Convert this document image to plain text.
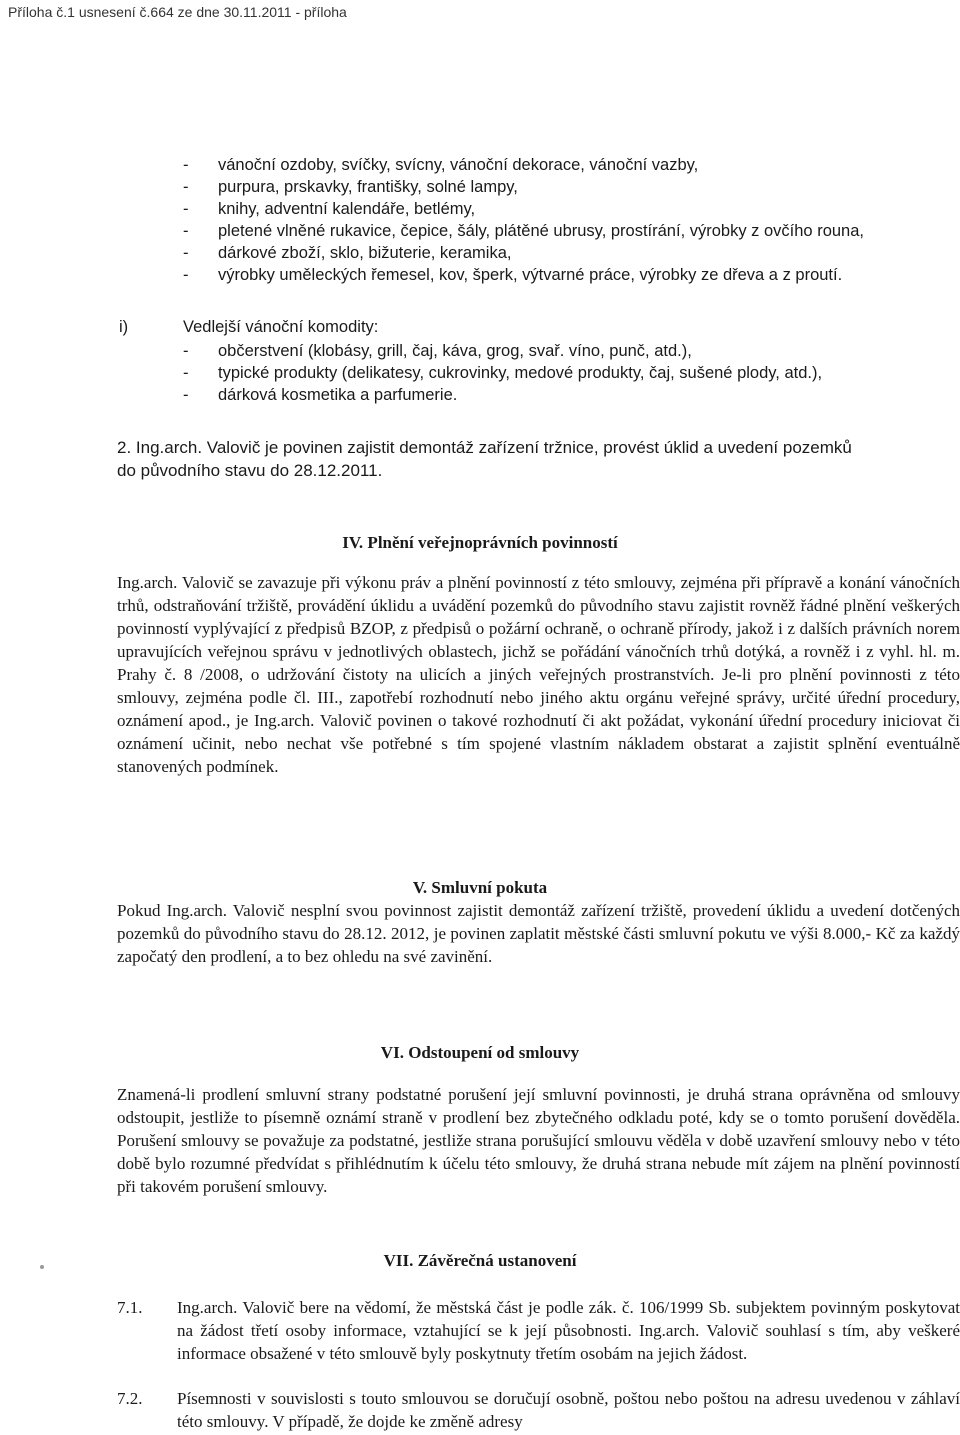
Příloha č.1 usnesení č.664 ze dne 30.11.2011 - příloha
- vánoční ozdoby, svíčky, svícny, vánoční dekorace, vánoční vazby,
- purpura, prskavky, františky, solné lampy,
- knihy, adventní kalendáře, betlémy,
- pletené vlněné rukavice, čepice, šály, plátěné ubrusy, prostírání, výrobky z ovčího rouna,
- dárkové zboží, sklo, bižuterie, keramika,
- výrobky uměleckých řemesel, kov, šperk, výtvarné práce, výrobky ze dřeva a z proutí.
i)	Vedlejší vánoční komodity:
- občerstvení (klobásy, grill, čaj, káva, grog, svař. víno, punč, atd.),
- typické produkty (delikatesy, cukrovinky, medové produkty, čaj, sušené plody, atd.),
- dárková kosmetika a parfumerie.
2. Ing.arch. Valovič je povinen zajistit demontáž zařízení tržnice, provést úklid a uvedení pozemků
do původního stavu do 28.12.2011.
IV. Plnění veřejnoprávních povinností
Ing.arch. Valovič se zavazuje při výkonu práv a plnění povinností z této smlouvy, zejména při přípravě a konání vánočních trhů, odstraňování tržiště, provádění úklidu a uvádění pozemků do původního stavu zajistit rovněž řádné plnění veškerých povinností vyplývající z předpisů BZOP, z předpisů o požární ochraně, o ochraně přírody, jakož i z dalších právních norem upravujících veřejnou správu v jednotlivých oblastech, jichž se pořádání vánočních trhů dotýká, a rovněž i z vyhl. hl. m. Prahy č. 8 /2008, o udržování čistoty na ulicích a jiných veřejných prostranstvích. Je-li pro plnění povinnosti z této smlouvy, zejména podle čl. III., zapotřebí rozhodnutí nebo jiného aktu orgánu veřejné správy, určité úřední procedury, oznámení apod., je Ing.arch. Valovič povinen o takové rozhodnutí či akt požádat, vykonání úřední procedury iniciovat či oznámení učinit, nebo nechat vše potřebné s tím spojené vlastním nákladem obstarat a zajistit splnění eventuálně stanovených podmínek.
V. Smluvní pokuta
Pokud Ing.arch. Valovič nesplní svou povinnost zajistit demontáž zařízení tržiště, provedení úklidu a uvedení dotčených pozemků do původního stavu do 28.12. 2012, je povinen zaplatit městské části smluvní pokutu ve výši 8.000,- Kč za každý započatý den prodlení, a to bez ohledu na své zavinění.
VI. Odstoupení od smlouvy
Znamená-li prodlení smluvní strany podstatné porušení její smluvní povinnosti, je druhá strana oprávněna od smlouvy odstoupit, jestliže to písemně oznámí straně v prodlení bez zbytečného odkladu poté, kdy se o tomto porušení dověděla. Porušení smlouvy se považuje za podstatné, jestliže strana porušující smlouvu věděla v době uzavření smlouvy nebo v této době bylo rozumné předvídat s přihlédnutím k účelu této smlouvy, že druhá strana nebude mít zájem na plnění povinností při takovém porušení smlouvy.
VII. Závěrečná ustanovení
7.1. Ing.arch. Valovič bere na vědomí, že městská část je podle zák. č. 106/1999 Sb. subjektem povinným poskytovat na žádost třetí osoby informace, vztahující se k její působnosti. Ing.arch. Valovič souhlasí s tím, aby veškeré informace obsažené v této smlouvě byly poskytnuty třetím osobám na jejich žádost.
7.2. Písemnosti v souvislosti s touto smlouvou se doručují osobně, poštou nebo poštou na adresu uvedenou v záhlaví této smlouvy. V případě, že dojde ke změně adresy
